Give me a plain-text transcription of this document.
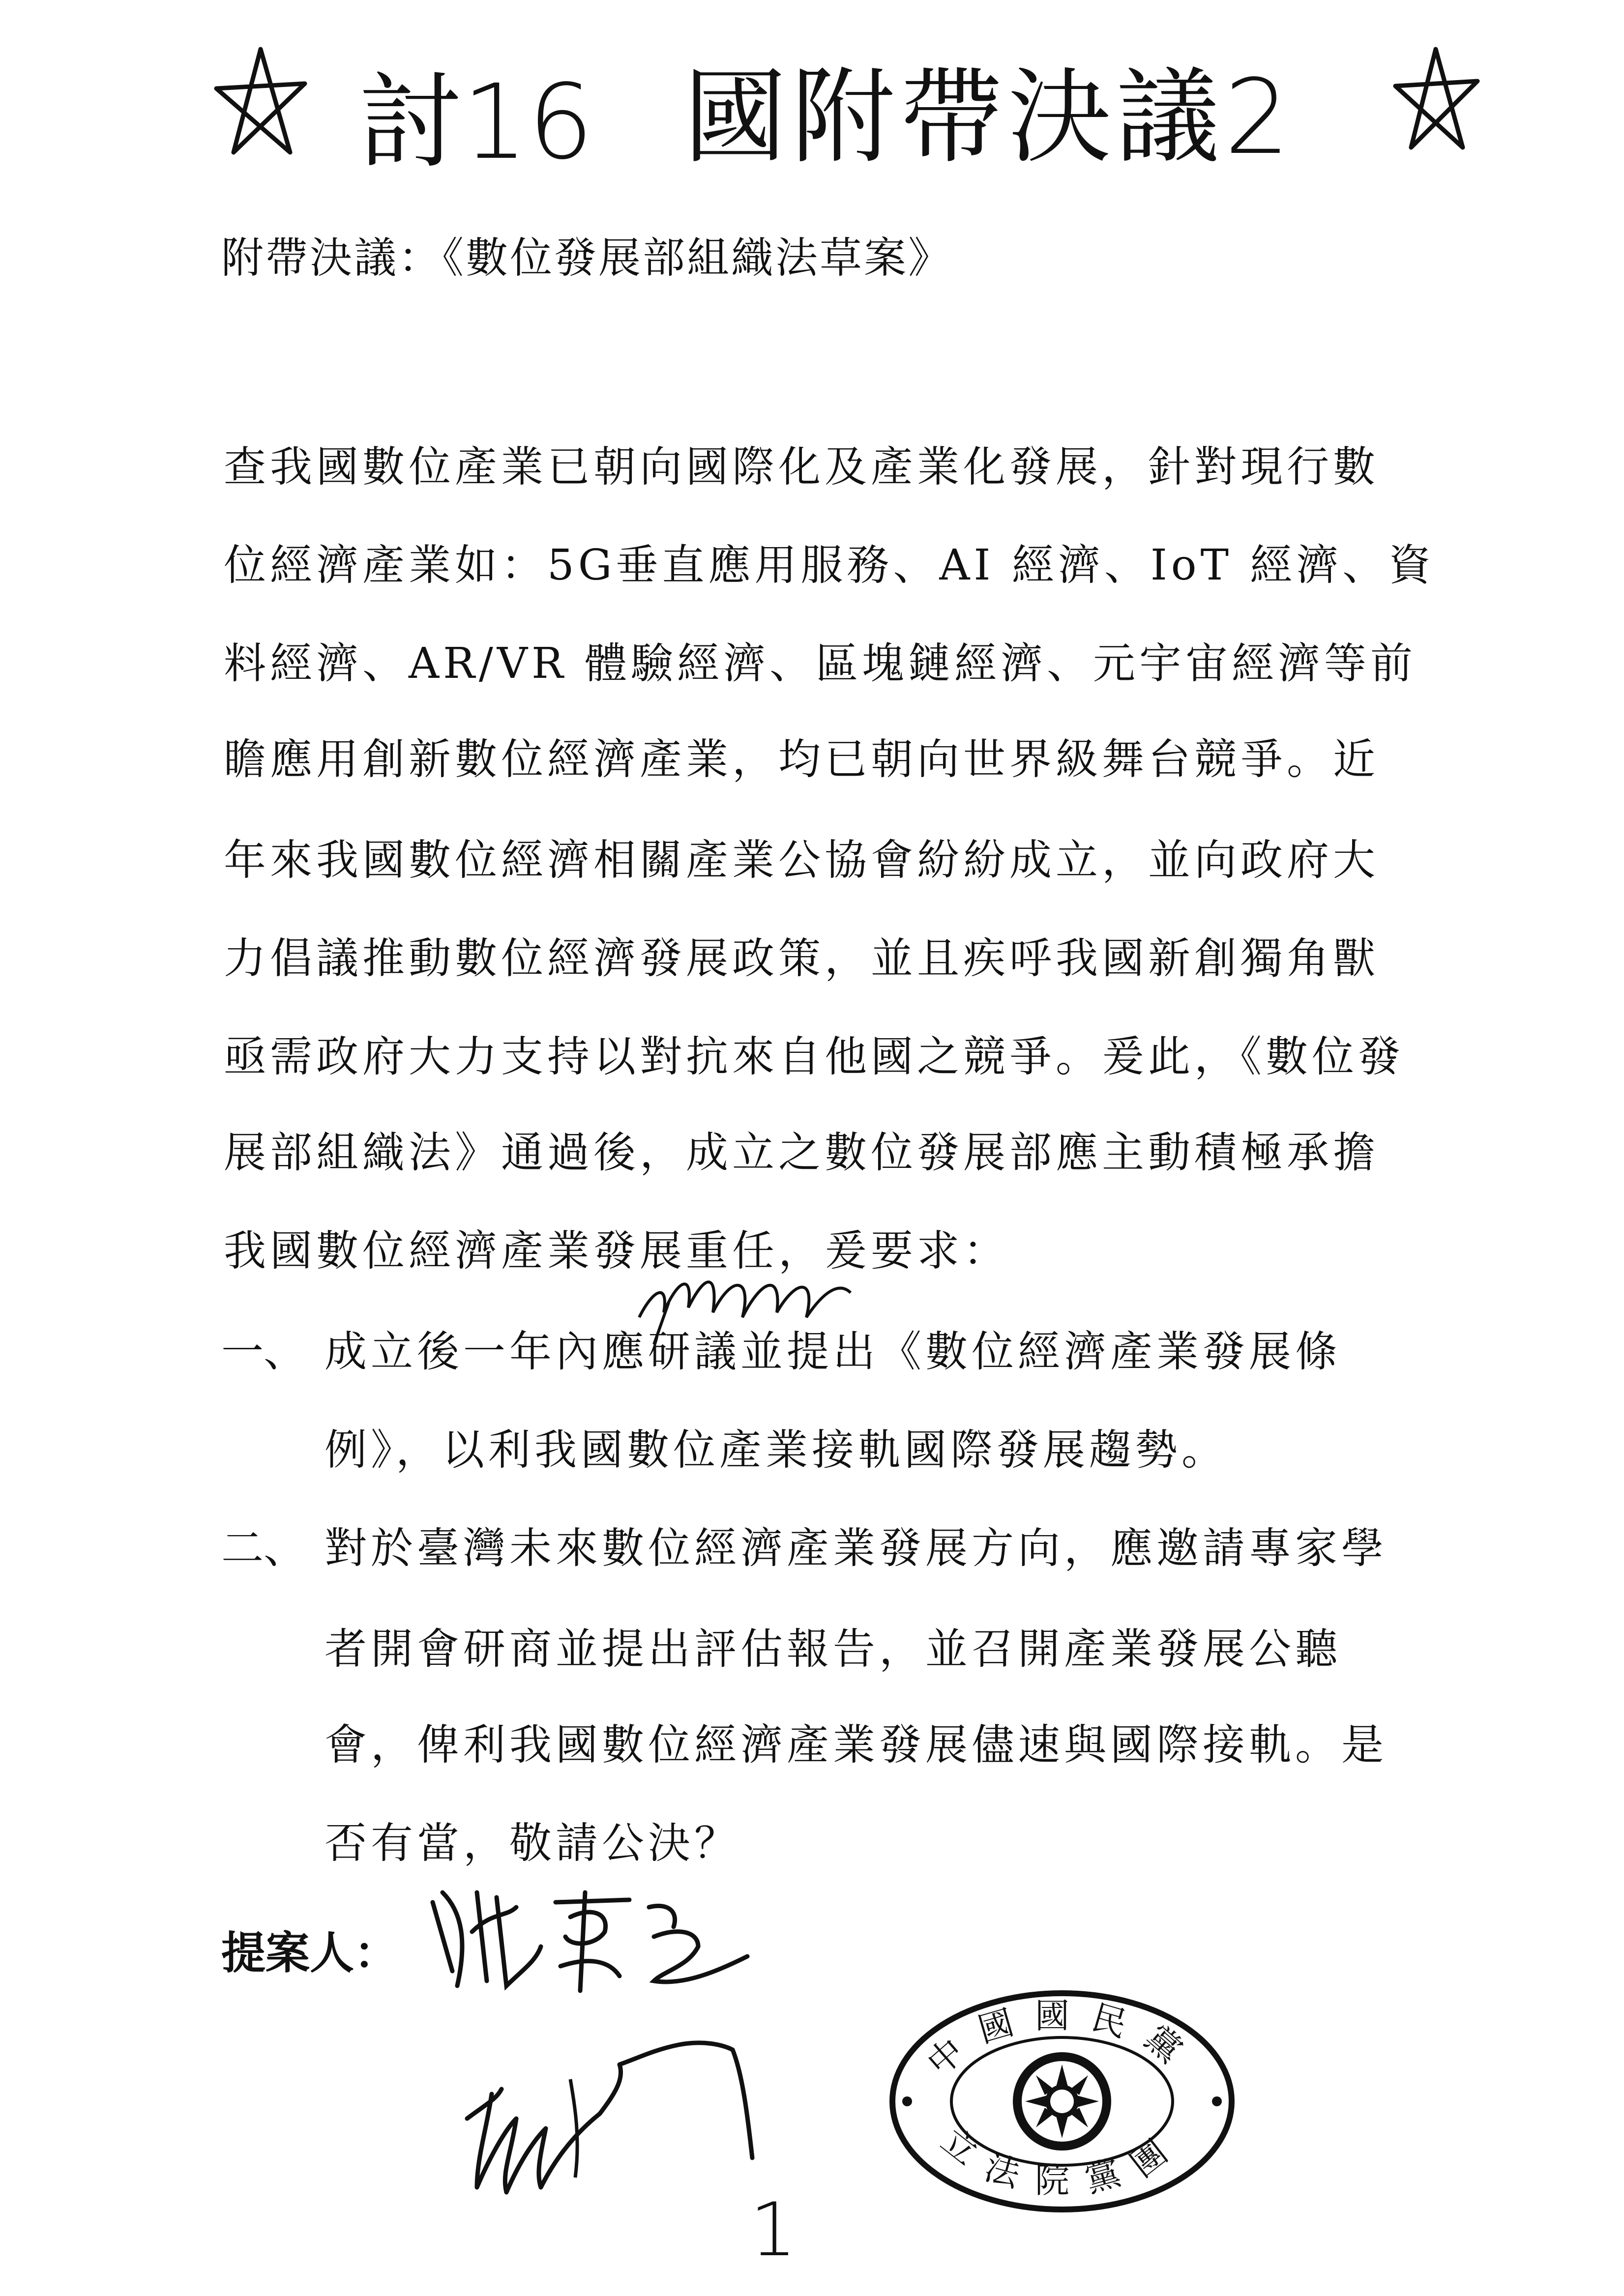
討16 國附帶決議2
附帶決議：《數位發展部組織法草案》
查我國數位產業已朝向國際化及產業化發展，針對現行數
位經濟產業如：5G垂直應用服務、AI 經濟、IoT 經濟、資
料經濟、AR/VR 體驗經濟、區塊鏈經濟、元宇宙經濟等前
瞻應用創新數位經濟產業，均已朝向世界級舞台競爭。近
年來我國數位經濟相關產業公協會紛紛成立，並向政府大
力倡議推動數位經濟發展政策，並且疾呼我國新創獨角獸
亟需政府大力支持以對抗來自他國之競爭。爰此，《數位發
展部組織法》通過後，成立之數位發展部應主動積極承擔
我國數位經濟產業發展重任，爰要求：
一、 成立後一年內應研議並提出《數位經濟產業發展條
例》，以利我國數位產業接軌國際發展趨勢。
二、 對於臺灣未來數位經濟產業發展方向，應邀請專家學
者開會研商並提出評估報告，並召開產業發展公聽
會，俾利我國數位經濟產業發展儘速與國際接軌。是
否有當，敬請公決？
提案人：
中國國民黨
立法院黨團
1
